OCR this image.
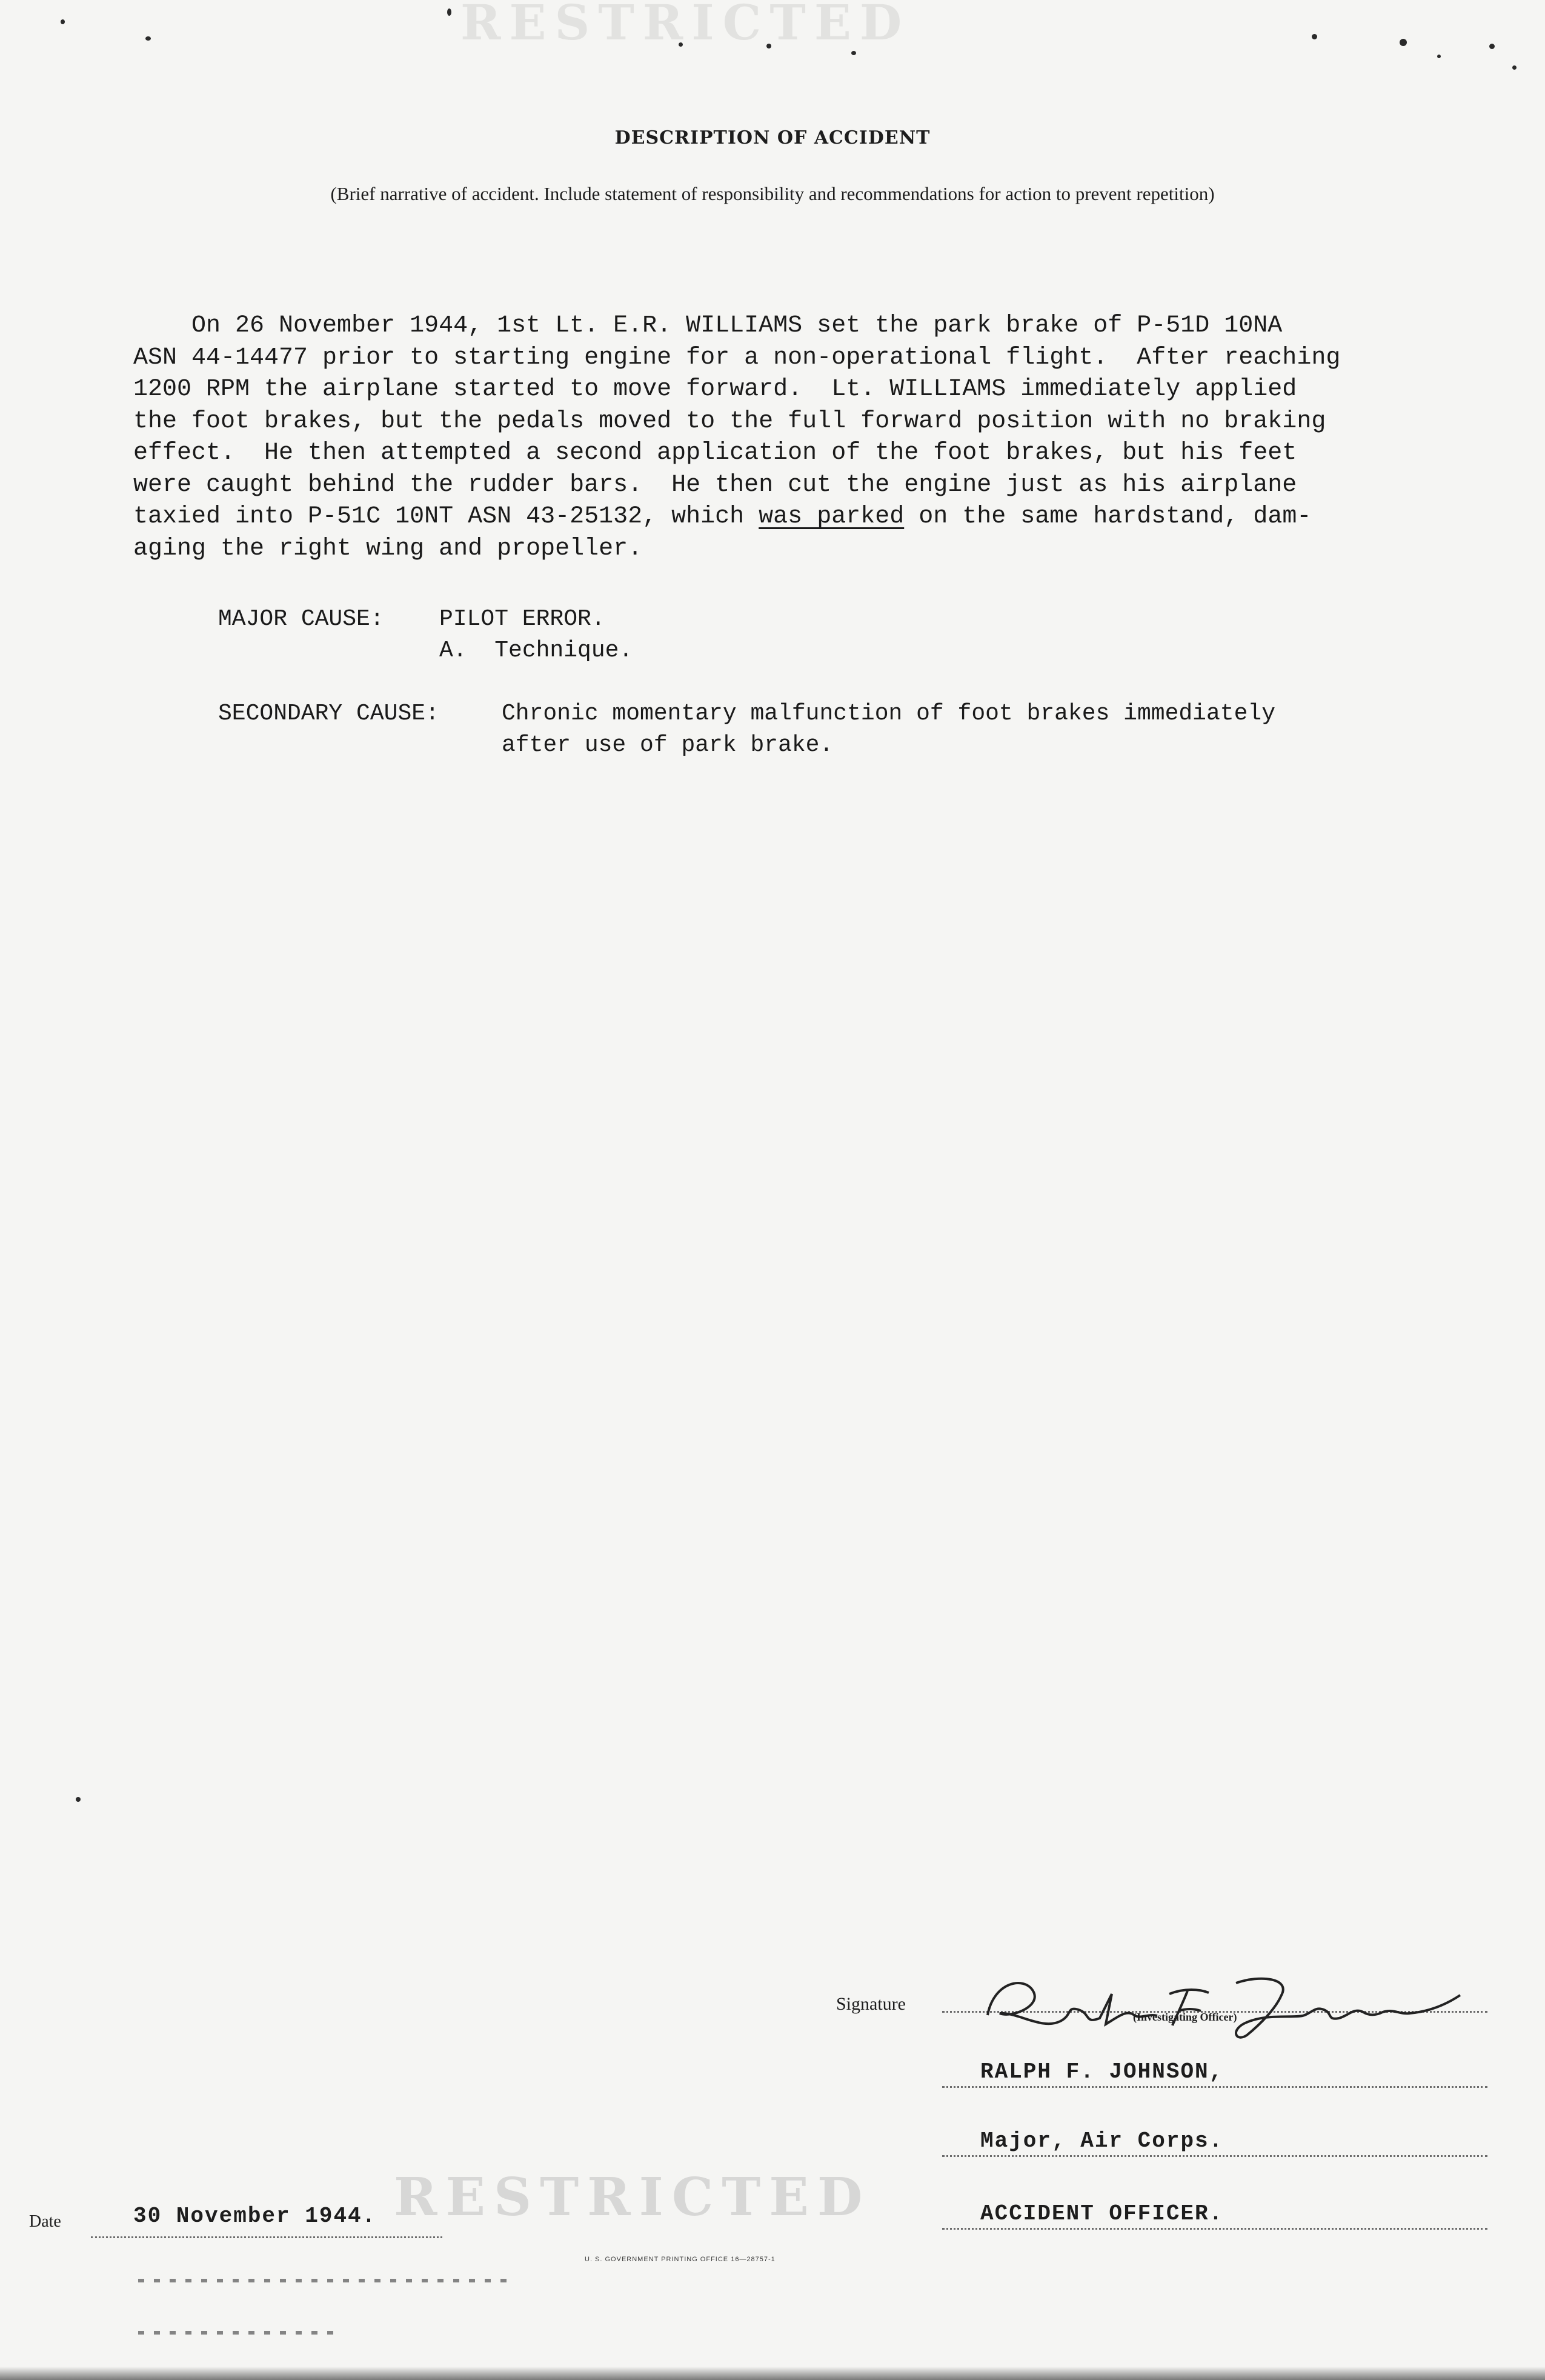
RESTRICTED
RESTRICTED
DESCRIPTION OF ACCIDENT
(Brief narrative of accident. Include statement of responsibility and recommendations for action to prevent repetition)
On 26 November 1944, 1st Lt. E.R. WILLIAMS set the park brake of P-51D 10NA
ASN 44-14477 prior to starting engine for a non-operational flight.  After reaching
1200 RPM the airplane started to move forward.  Lt. WILLIAMS immediately applied
the foot brakes, but the pedals moved to the full forward position with no braking
effect.  He then attempted a second application of the foot brakes, but his feet
were caught behind the rudder bars.  He then cut the engine just as his airplane
taxied into P-51C 10NT ASN 43-25132, which was parked on the same hardstand, dam-
aging the right wing and propeller.
MAJOR CAUSE: PILOT ERROR.
A.  Technique.
SECONDARY CAUSE:	Chronic momentary malfunction of foot brakes immediately
after use of park brake.
Signature
(Investigating Officer)
RALPH F. JOHNSON,
Major, Air Corps.
ACCIDENT OFFICER.
Date	30 November 1944.
U. S. GOVERNMENT PRINTING OFFICE 16—28757-1
